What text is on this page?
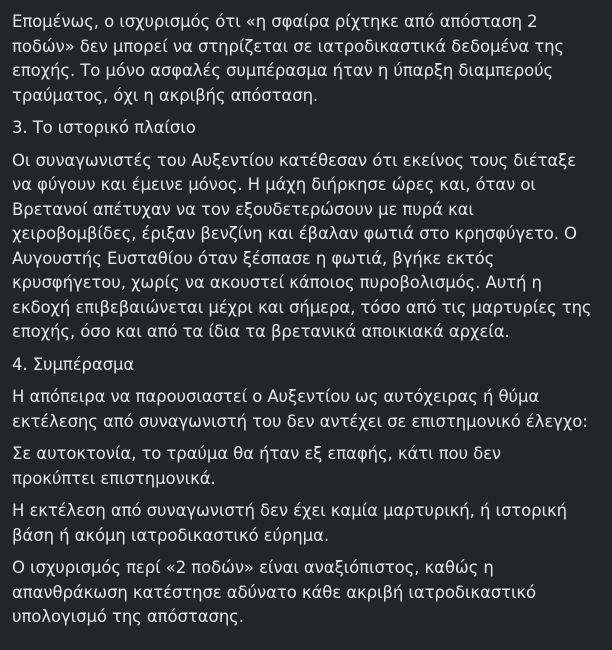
Επομένως, ο ισχυρισμός ότι «η σφαίρα ρίχτηκε από απόσταση 2
ποδών» δεν μπορεί να στηρίζεται σε ιατροδικαστικά δεδομένα της
εποχής. Το μόνο ασφαλές συμπέρασμα ήταν η ύπαρξη διαμπερούς
τραύματος, όχι η ακριβής απόσταση.

3. Το ιστορικό πλαίσιο

Οι συναγωνιστές του Αυξεντίου κατέθεσαν ότι εκείνος τους διέταξε
να φύγουν και έμεινε μόνος. Η μάχη διήρκησε ώρες και, όταν οι
Βρετανοί απέτυχαν να τον εξουδετερώσουν με πυρά και
χειροβομβίδες, έριξαν βενζίνη και έβαλαν φωτιά στο κρησφύγετο. Ο
Αυγουστής Ευσταθίου όταν ξέσπασε η φωτιά, βγήκε εκτός
κρυσφήγετου, χωρίς να ακουστεί κάποιος πυροβολισμός. Αυτή η
εκδοχή επιβεβαιώνεται μέχρι και σήμερα, τόσο από τις μαρτυρίες της
εποχής, όσο και από τα ίδια τα βρετανικά αποικιακά αρχεία.

4. Συμπέρασμα

Η απόπειρα να παρουσιαστεί ο Αυξεντίου ως αυτόχειρας ή θύμα
εκτέλεσης από συναγωνιστή του δεν αντέχει σε επιστημονικό έλεγχο:

Σε αυτοκτονία, το τραύμα θα ήταν εξ επαφής, κάτι που δεν
προκύπτει επιστημονικά.

Η εκτέλεση από συναγωνιστή δεν έχει καμία μαρτυρική, ή ιστορική
βάση ή ακόμη ιατροδικαστικό εύρημα.

Ο ισχυρισμός περί «2 ποδών» είναι αναξιόπιστος, καθώς η
απανθράκωση κατέστησε αδύνατο κάθε ακριβή ιατροδικαστικό
υπολογισμό της απόστασης.
